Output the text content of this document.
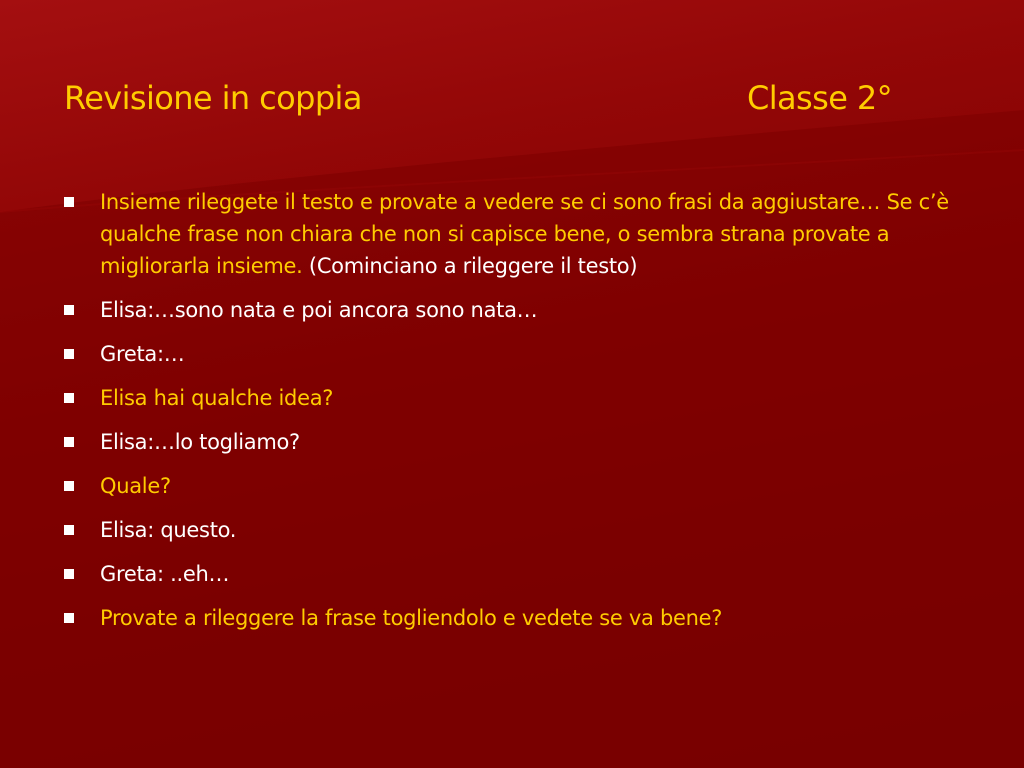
Revisione in coppia	Classe 2°
Insieme rileggete il testo e provate a vedere se ci sono frasi da aggiustare… Se c’è qualche frase non chiara che non si capisce bene, o sembra strana provate a migliorarla insieme. (Cominciano a rileggere il testo)
Elisa:…sono nata e poi ancora sono nata…
Greta:…
Elisa hai qualche idea?
Elisa:…lo togliamo?
Quale?
Elisa: questo.
Greta: ..eh…
Provate a rileggere la frase togliendolo e vedete se va bene?
